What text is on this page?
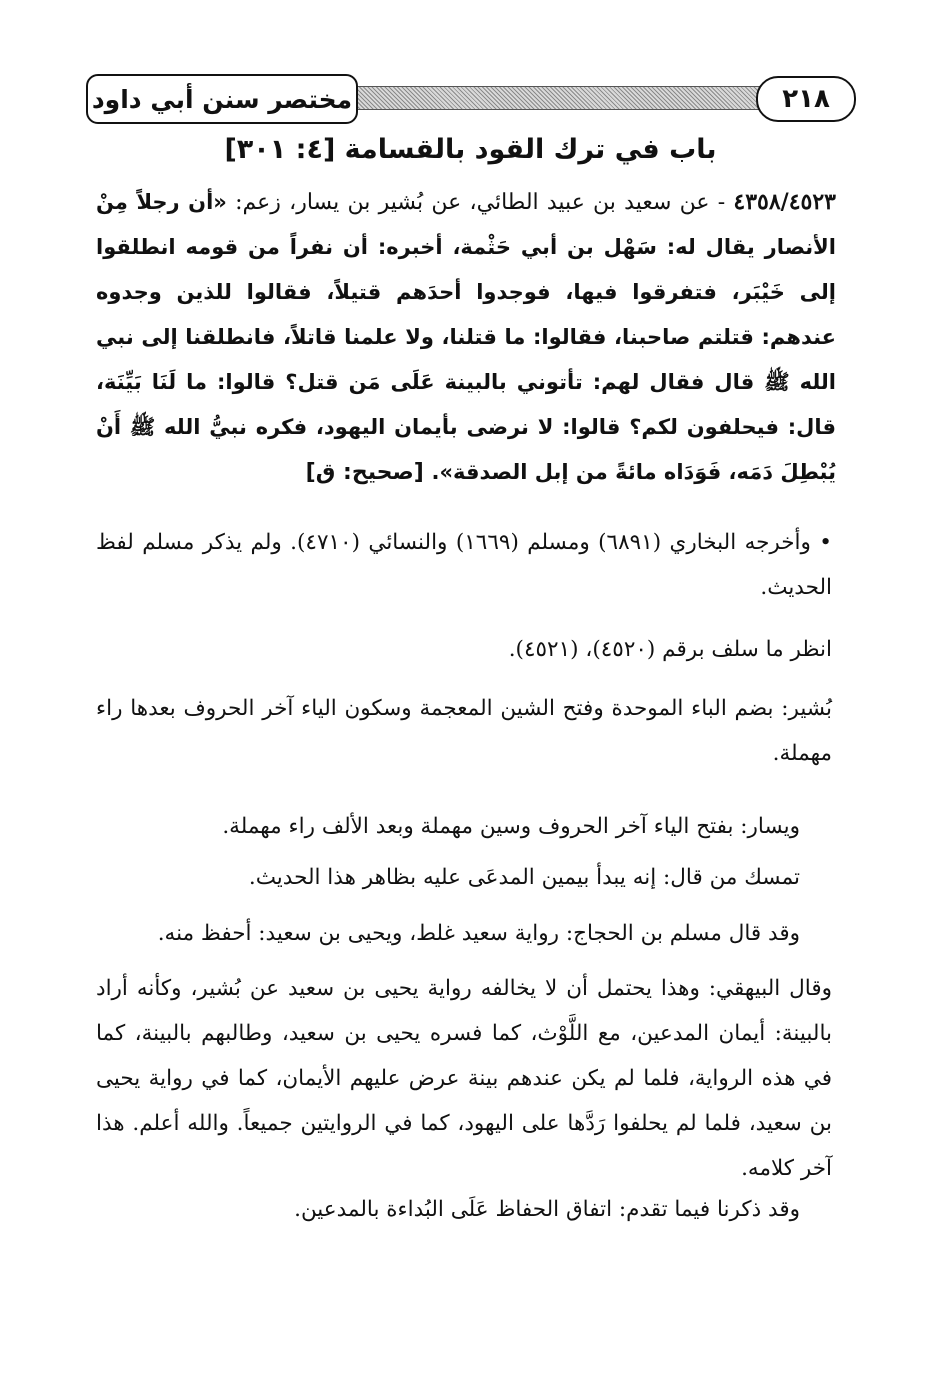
مختصر سنن أبي داود	٢١٨
باب في ترك القود بالقسامة [٤: ٣٠١]
٤٣٥٨/٤٥٢٣ - عن سعيد بن عبيد الطائي، عن بُشير بن يسار، زعم: «أن رجلاً مِنْ الأنصار يقال له: سَهْل بن أبي حَثْمة، أخبره: أن نفراً من قومه انطلقوا إلى خَيْبَر، فتفرقوا فيها، فوجدوا أحدَهم قتيلاً، فقالوا للذين وجدوه عندهم: قتلتم صاحبنا، فقالوا: ما قتلنا، ولا علمنا قاتلاً، فانطلقنا إلى نبي الله ﷺ قال فقال لهم: تأتوني بالبينة عَلَى مَن قتل؟ قالوا: ما لَنَا بَيِّنَة، قال: فيحلفون لكم؟ قالوا: لا نرضى بأيمان اليهود، فكره نبيُّ الله ﷺ أَنْ يُبْطِلَ دَمَه، فَوَدَاه مائةً من إبل الصدقة». [صحيح: ق]
• وأخرجه البخاري (٦٨٩١) ومسلم (١٦٦٩) والنسائي (٤٧١٠). ولم يذكر مسلم لفظ الحديث.
انظر ما سلف برقم (٤٥٢٠)، (٤٥٢١).
بُشير: بضم الباء الموحدة وفتح الشين المعجمة وسكون الياء آخر الحروف بعدها راء مهملة.
ويسار: بفتح الياء آخر الحروف وسين مهملة وبعد الألف راء مهملة.
تمسك من قال: إنه يبدأ بيمين المدعَى عليه بظاهر هذا الحديث.
وقد قال مسلم بن الحجاج: رواية سعيد غلط، ويحيى بن سعيد: أحفظ منه.
وقال البيهقي: وهذا يحتمل أن لا يخالفه رواية يحيى بن سعيد عن بُشير، وكأنه أراد بالبينة: أيمان المدعين، مع اللَّوْث، كما فسره يحيى بن سعيد، وطالبهم بالبينة، كما في هذه الرواية، فلما لم يكن عندهم بينة عرض عليهم الأيمان، كما في رواية يحيى بن سعيد، فلما لم يحلفوا رَدَّها على اليهود، كما في الروايتين جميعاً. والله أعلم. هذا آخر كلامه.
وقد ذكرنا فيما تقدم: اتفاق الحفاظ عَلَى البُداءة بالمدعين.
